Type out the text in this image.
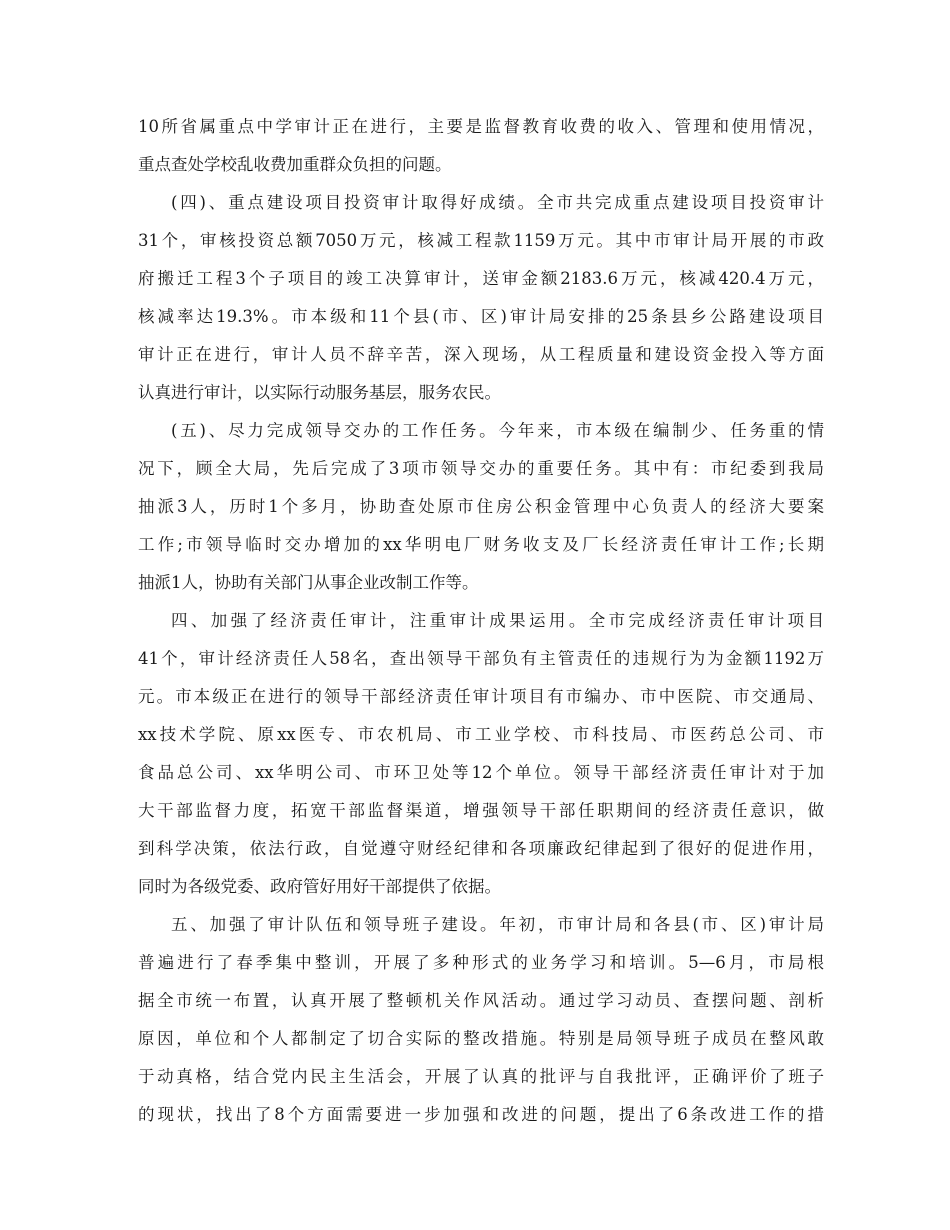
10所省属重点中学审计正在进行，主要是监督教育收费的收入、管理和使用情况，
重点查处学校乱收费加重群众负担的问题。
(四)、重点建设项目投资审计取得好成绩。全市共完成重点建设项目投资审计
31个，审核投资总额7050万元，核减工程款1159万元。其中市审计局开展的市政
府搬迁工程3个子项目的竣工决算审计，送审金额2183.6万元，核减420.4万元，
核减率达19.3%。市本级和11个县(市、区)审计局安排的25条县乡公路建设项目
审计正在进行，审计人员不辞辛苦，深入现场，从工程质量和建设资金投入等方面
认真进行审计，以实际行动服务基层，服务农民。
(五)、尽力完成领导交办的工作任务。今年来，市本级在编制少、任务重的情
况下，顾全大局，先后完成了3项市领导交办的重要任务。其中有：市纪委到我局
抽派3人，历时1个多月，协助查处原市住房公积金管理中心负责人的经济大要案
工作;市领导临时交办增加的xx华明电厂财务收支及厂长经济责任审计工作;长期
抽派1人，协助有关部门从事企业改制工作等。
四、加强了经济责任审计，注重审计成果运用。全市完成经济责任审计项目
41个，审计经济责任人58名，查出领导干部负有主管责任的违规行为为金额1192万
元。市本级正在进行的领导干部经济责任审计项目有市编办、市中医院、市交通局、
xx技术学院、原xx医专、市农机局、市工业学校、市科技局、市医药总公司、市
食品总公司、xx华明公司、市环卫处等12个单位。领导干部经济责任审计对于加
大干部监督力度，拓宽干部监督渠道，增强领导干部任职期间的经济责任意识，做
到科学决策，依法行政，自觉遵守财经纪律和各项廉政纪律起到了很好的促进作用，
同时为各级党委、政府管好用好干部提供了依据。
五、加强了审计队伍和领导班子建设。年初，市审计局和各县(市、区)审计局
普遍进行了春季集中整训，开展了多种形式的业务学习和培训。5—6月，市局根
据全市统一布置，认真开展了整顿机关作风活动。通过学习动员、查摆问题、剖析
原因，单位和个人都制定了切合实际的整改措施。特别是局领导班子成员在整风敢
于动真格，结合党内民主生活会，开展了认真的批评与自我批评，正确评价了班子
的现状，找出了8个方面需要进一步加强和改进的问题，提出了6条改进工作的措
